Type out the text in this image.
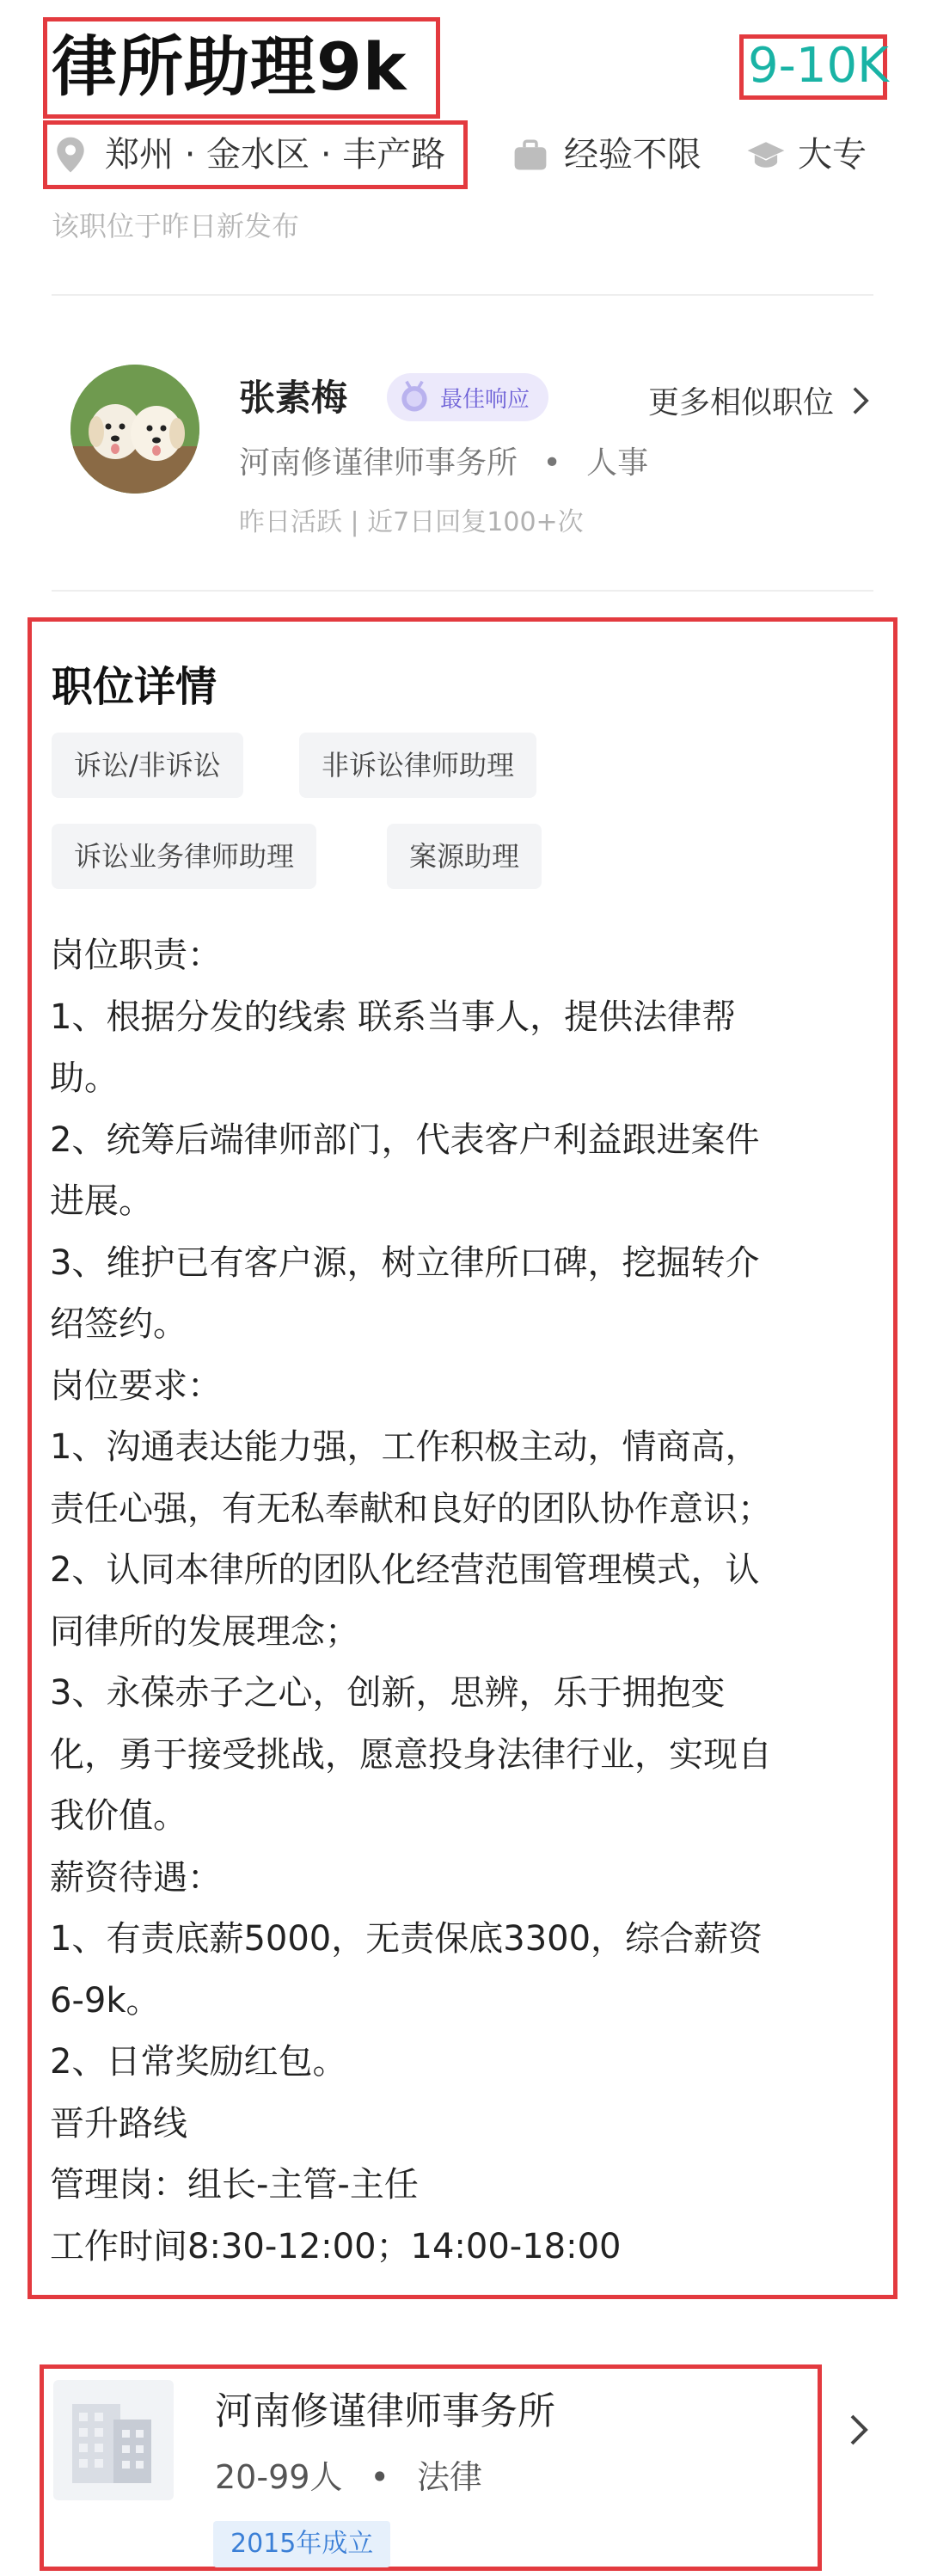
律所助理9k	9-10K
郑州 · 金水区 · 丰产路	经验不限	大专
该职位于昨日新发布
张素梅	最佳响应	更多相似职位
河南修谨律师事务所 • 人事
昨日活跃 | 近7日回复100+次
职位详情
诉讼/非诉讼	非诉讼律师助理
诉讼业务律师助理	案源助理
岗位职责：
1、根据分发的线索 联系当事人，提供法律帮
助。
2、统筹后端律师部门，代表客户利益跟进案件
进展。
3、维护已有客户源，树立律所口碑，挖掘转介
绍签约。
岗位要求：
1、沟通表达能力强，工作积极主动，情商高，
责任心强，有无私奉献和良好的团队协作意识；
2、认同本律所的团队化经营范围管理模式，认
同律所的发展理念；
3、永葆赤子之心，创新，思辨，乐于拥抱变
化，勇于接受挑战，愿意投身法律行业，实现自
我价值。
薪资待遇：
1、有责底薪5000，无责保底3300，综合薪资
6-9k。
2、日常奖励红包。
晋升路线
管理岗：组长-主管-主任
工作时间8:30-12:00；14:00-18:00
河南修谨律师事务所
20-99人 • 法律
2015年成立
